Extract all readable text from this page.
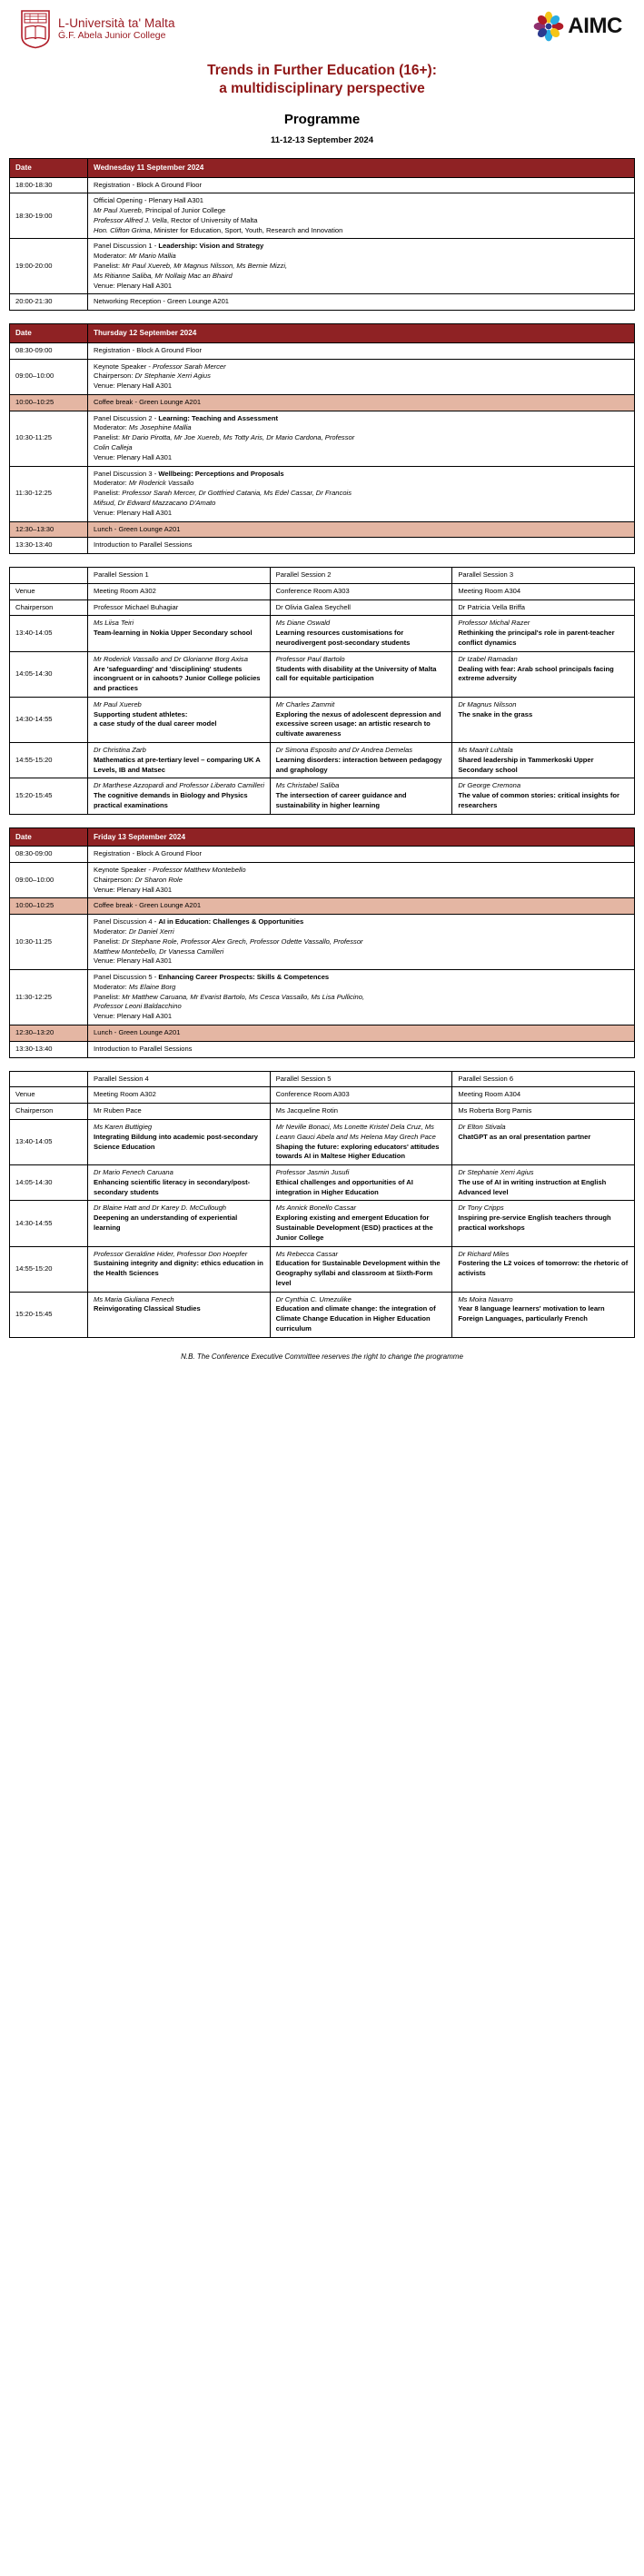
L-Università ta' Malta
Ġ.F. Abela Junior College	AIMC
Trends in Further Education (16+):
a multidisciplinary perspective
Programme
11-12-13 September 2024
Date	Wednesday 11 September 2024
18:00-18:30	Registration - Block A Ground Floor

18:30-19:00	Official Opening - Plenary Hall A301
Mr Paul Xuereb, Principal of Junior College
Professor Alfred J. Vella, Rector of University of Malta
Hon. Clifton Grima, Minister for Education, Sport, Youth, Research and Innovation

19:00-20:00	Panel Discussion 1 - Leadership: Vision and Strategy
Moderator: Mr Mario Mallia
Panelist: Mr Paul Xuereb, Mr Magnus Nilsson, Ms Bernie Mizzi,
Ms Ritianne Saliba, Mr Nollaig Mac an Bhaird
Venue: Plenary Hall A301

20:00-21:30	Networking Reception - Green Lounge A201
Date	Thursday 12 September 2024
08:30-09:00	Registration - Block A Ground Floor

09:00–10:00	Keynote Speaker - Professor Sarah Mercer
Chairperson: Dr Stephanie Xerri Agius
Venue: Plenary Hall A301

10:00–10:25	Coffee break - Green Lounge A201

10:30-11:25	Panel Discussion 2 - Learning: Teaching and Assessment
Moderator: Ms Josephine Mallia
Panelist: Mr Dario Pirotta, Mr Joe Xuereb, Ms Totty Aris, Dr Mario Cardona, Professor
Colin Calleja
Venue: Plenary Hall A301

11:30-12:25	Panel Discussion 3 - Wellbeing: Perceptions and Proposals
Moderator: Mr Roderick Vassallo
Panelist: Professor Sarah Mercer, Dr Gottfried Catania, Ms Edel Cassar, Dr Francois
Mifsud, Dr Edward Mazzacano D'Amato
Venue: Plenary Hall A301

12:30–13:30	Lunch - Green Lounge A201

13:30-13:40	Introduction to Parallel Sessions
	Parallel Session 1	Parallel Session 2	Parallel Session 3
Venue	Meeting Room A302	Conference Room A303	Meeting Room A304
Chairperson	Professor Michael Buhagiar	Dr Olivia Galea Seychell	Dr Patricia Vella Briffa
13:40-14:05	Ms Liisa Teiri
Team-learning in Nokia Upper Secondary school	Ms Diane Oswald
Learning resources customisations for neurodivergent post-secondary students	Professor Michal Razer
Rethinking the principal's role in parent-teacher conflict dynamics

14:05-14:30	Mr Roderick Vassallo and Dr Glorianne Borg Axisa
Are 'safeguarding' and 'disciplining' students incongruent or in cahoots? Junior College policies and practices	Professor Paul Bartolo
Students with disability at the University of Malta call for equitable participation	Dr Izabel Ramadan
Dealing with fear: Arab school principals facing extreme adversity

14:30-14:55	Mr Paul Xuereb
Supporting student athletes:
a case study of the dual career model	Mr Charles Zammit
Exploring the nexus of adolescent depression and excessive screen usage: an artistic research to cultivate awareness	Dr Magnus Nilsson
The snake in the grass

14:55-15:20	Dr Christina Zarb
Mathematics at pre-tertiary level – comparing UK A Levels, IB and Matsec	Dr Simona Esposito and Dr Andrea Demelas
Learning disorders: interaction between pedagogy and graphology	Ms Maarit Luhtala
Shared leadership in Tammerkoski Upper Secondary school

15:20-15:45	Dr Marthese Azzopardi and Professor Liberato Camilleri
The cognitive demands in Biology and Physics practical examinations	Ms Christabel Saliba
The intersection of career guidance and sustainability in higher learning	Dr George Cremona
The value of common stories: critical insights for researchers
Date	Friday 13 September 2024
08:30-09:00	Registration - Block A Ground Floor

09:00–10:00	Keynote Speaker - Professor Matthew Montebello
Chairperson: Dr Sharon Role
Venue: Plenary Hall A301

10:00–10:25	Coffee break - Green Lounge A201

10:30-11:25	Panel Discussion 4 - AI in Education: Challenges & Opportunities
Moderator: Dr Daniel Xerri
Panelist: Dr Stephane Role, Professor Alex Grech, Professor Odette Vassallo, Professor
Matthew Montebello, Dr Vanessa Camilleri
Venue: Plenary Hall A301

11:30-12:25	Panel Discussion 5 - Enhancing Career Prospects: Skills & Competences
Moderator: Ms Elaine Borg
Panelist: Mr Matthew Caruana, Mr Evarist Bartolo, Ms Cesca Vassallo, Ms Lisa Pullicino,
Professor Leoni Baldacchino
Venue: Plenary Hall A301

12:30–13:20	Lunch - Green Lounge A201

13:30-13:40	Introduction to Parallel Sessions
	Parallel Session 4	Parallel Session 5	Parallel Session 6
Venue	Meeting Room A302	Conference Room A303	Meeting Room A304
Chairperson	Mr Ruben Pace	Ms Jacqueline Rotin	Ms Roberta Borg Parnis
13:40-14:05	Ms Karen Buttigieg
Integrating Bildung into academic post-secondary Science Education	Mr Neville Bonaci, Ms Lonette Kristel Dela Cruz, Ms Leann Gauci Abela and Ms Helena May Grech Pace
Shaping the future: exploring educators' attitudes towards AI in Maltese Higher Education	Dr Elton Stivala
ChatGPT as an oral presentation partner

14:05-14:30	Dr Mario Fenech Caruana
Enhancing scientific literacy in secondary/post-secondary students	Professor Jasmin Jusufi
Ethical challenges and opportunities of AI integration in Higher Education	Dr Stephanie Xerri Agius
The use of AI in writing instruction at English Advanced level

14:30-14:55	Dr Blaine Hatt and Dr Karey D. McCullough
Deepening an understanding of experiential learning	Ms Annick Bonello Cassar
Exploring existing and emergent Education for Sustainable Development (ESD) practices at the Junior College	Dr Tony Cripps
Inspiring pre-service English teachers through practical workshops

14:55-15:20	Professor Geraldine Hider, Professor Don Hoepfer
Sustaining integrity and dignity: ethics education in the Health Sciences	Ms Rebecca Cassar
Education for Sustainable Development within the Geography syllabi and classroom at Sixth-Form level	Dr Richard Miles
Fostering the L2 voices of tomorrow: the rhetoric of activists

15:20-15:45	Ms Maria Giuliana Fenech
Reinvigorating Classical Studies	Dr Cynthia C. Umezulike
Education and climate change: the integration of Climate Change Education in Higher Education curriculum	Ms Moira Navarro
Year 8 language learners' motivation to learn Foreign Languages, particularly French
N.B. The Conference Executive Committee reserves the right to change the programme
